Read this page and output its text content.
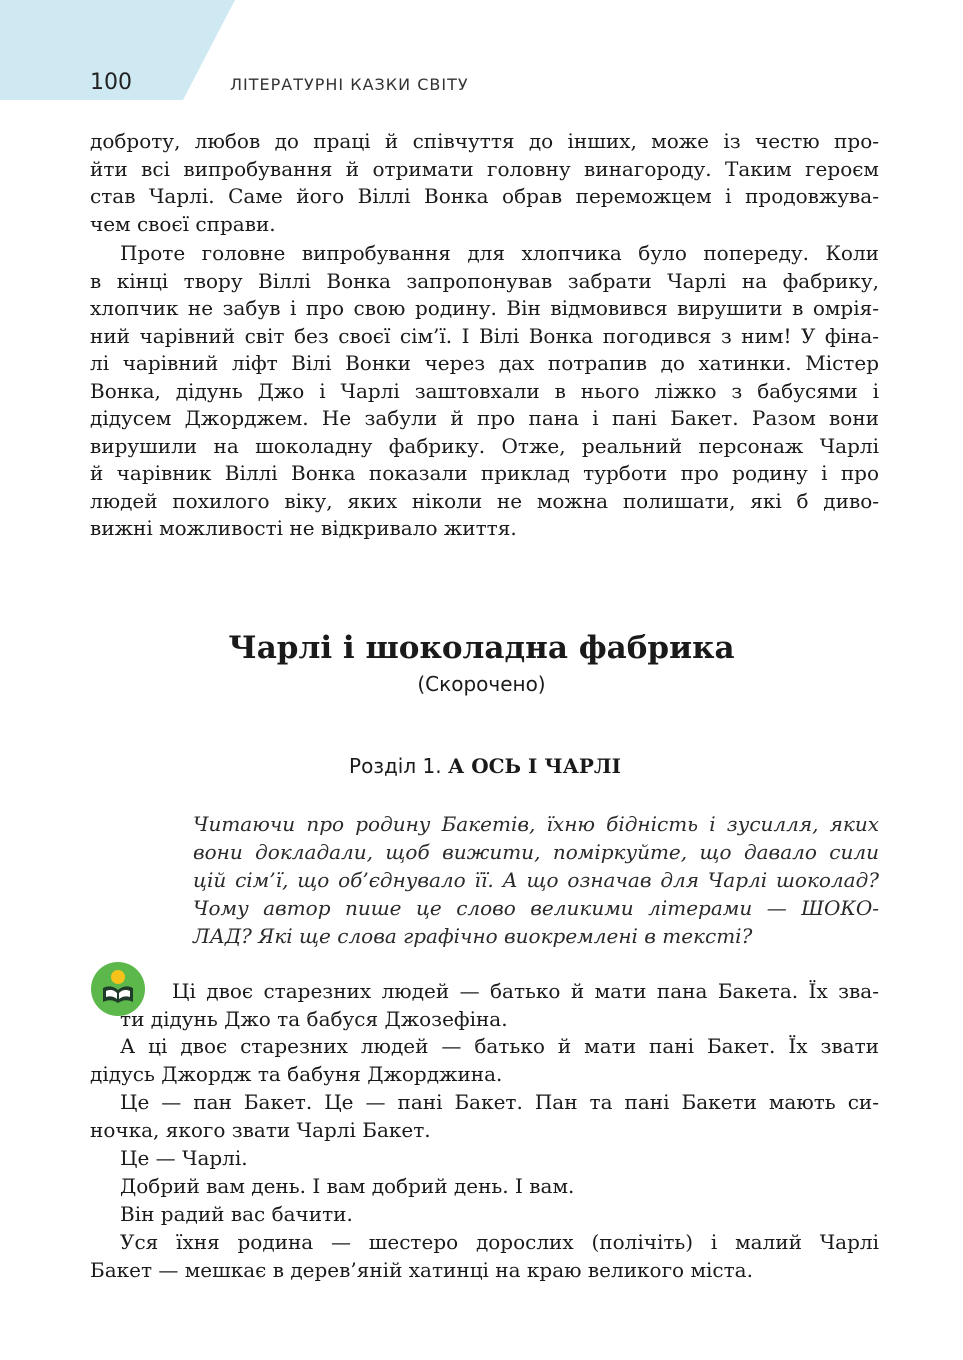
100	ЛІТЕРАТУРНІ КАЗКИ СВІТУ

доброту, любов до праці й співчуття до інших, може із честю про-
йти всі випробування й отримати головну винагороду. Таким героєм
став Чарлі. Саме його Віллі Вонка обрав переможцем і продовжува-
чем своєї справи.

Проте головне випробування для хлопчика було попереду. Коли
в кінці твору Віллі Вонка запропонував забрати Чарлі на фабрику,
хлопчик не забув і про свою родину. Він відмовився вирушити в омрія-
ний чарівний світ без своєї сім’ї. І Вілі Вонка погодився з ним! У фіна-
лі чарівний ліфт Вілі Вонки через дах потрапив до хатинки. Містер
Вонка, дідунь Джо і Чарлі заштовхали в нього ліжко з бабусями і
дідусем Джорджем. Не забули й про пана і пані Бакет. Разом вони
вирушили на шоколадну фабрику. Отже, реальний персонаж Чарлі
й чарівник Віллі Вонка показали приклад турботи про родину і про
людей похилого віку, яких ніколи не можна полишати, які б диво-
вижні можливості не відкривало життя.

Чарлі і шоколадна фабрика
(Скорочено)
Розділ 1. А ОСЬ І ЧАРЛІ

Читаючи про родину Бакетів, їхню бідність і зусилля, яких
вони докладали, щоб вижити, поміркуйте, що давало сили
цій сім’ї, що об’єднувало її. А що означав для Чарлі шоколад?
Чому автор пише це слово великими літерами — ШОКО-
ЛАД? Які ще слова графічно виокремлені в тексті?

Ці двоє старезних людей — батько й мати пана Бакета. Їх зва-
ти дідунь Джо та бабуся Джозефіна.

А ці двоє старезних людей — батько й мати пані Бакет. Їх звати
дідусь Джордж та бабуня Джорджина.

Це — пан Бакет. Це — пані Бакет. Пан та пані Бакети мають си-
ночка, якого звати Чарлі Бакет.

Це — Чарлі.

Добрий вам день. І вам добрий день. І вам.

Він радий вас бачити.

Уся їхня родина — шестеро дорослих (полічіть) і малий Чарлі
Бакет — мешкає в дерев’яній хатинці на краю великого міста.
